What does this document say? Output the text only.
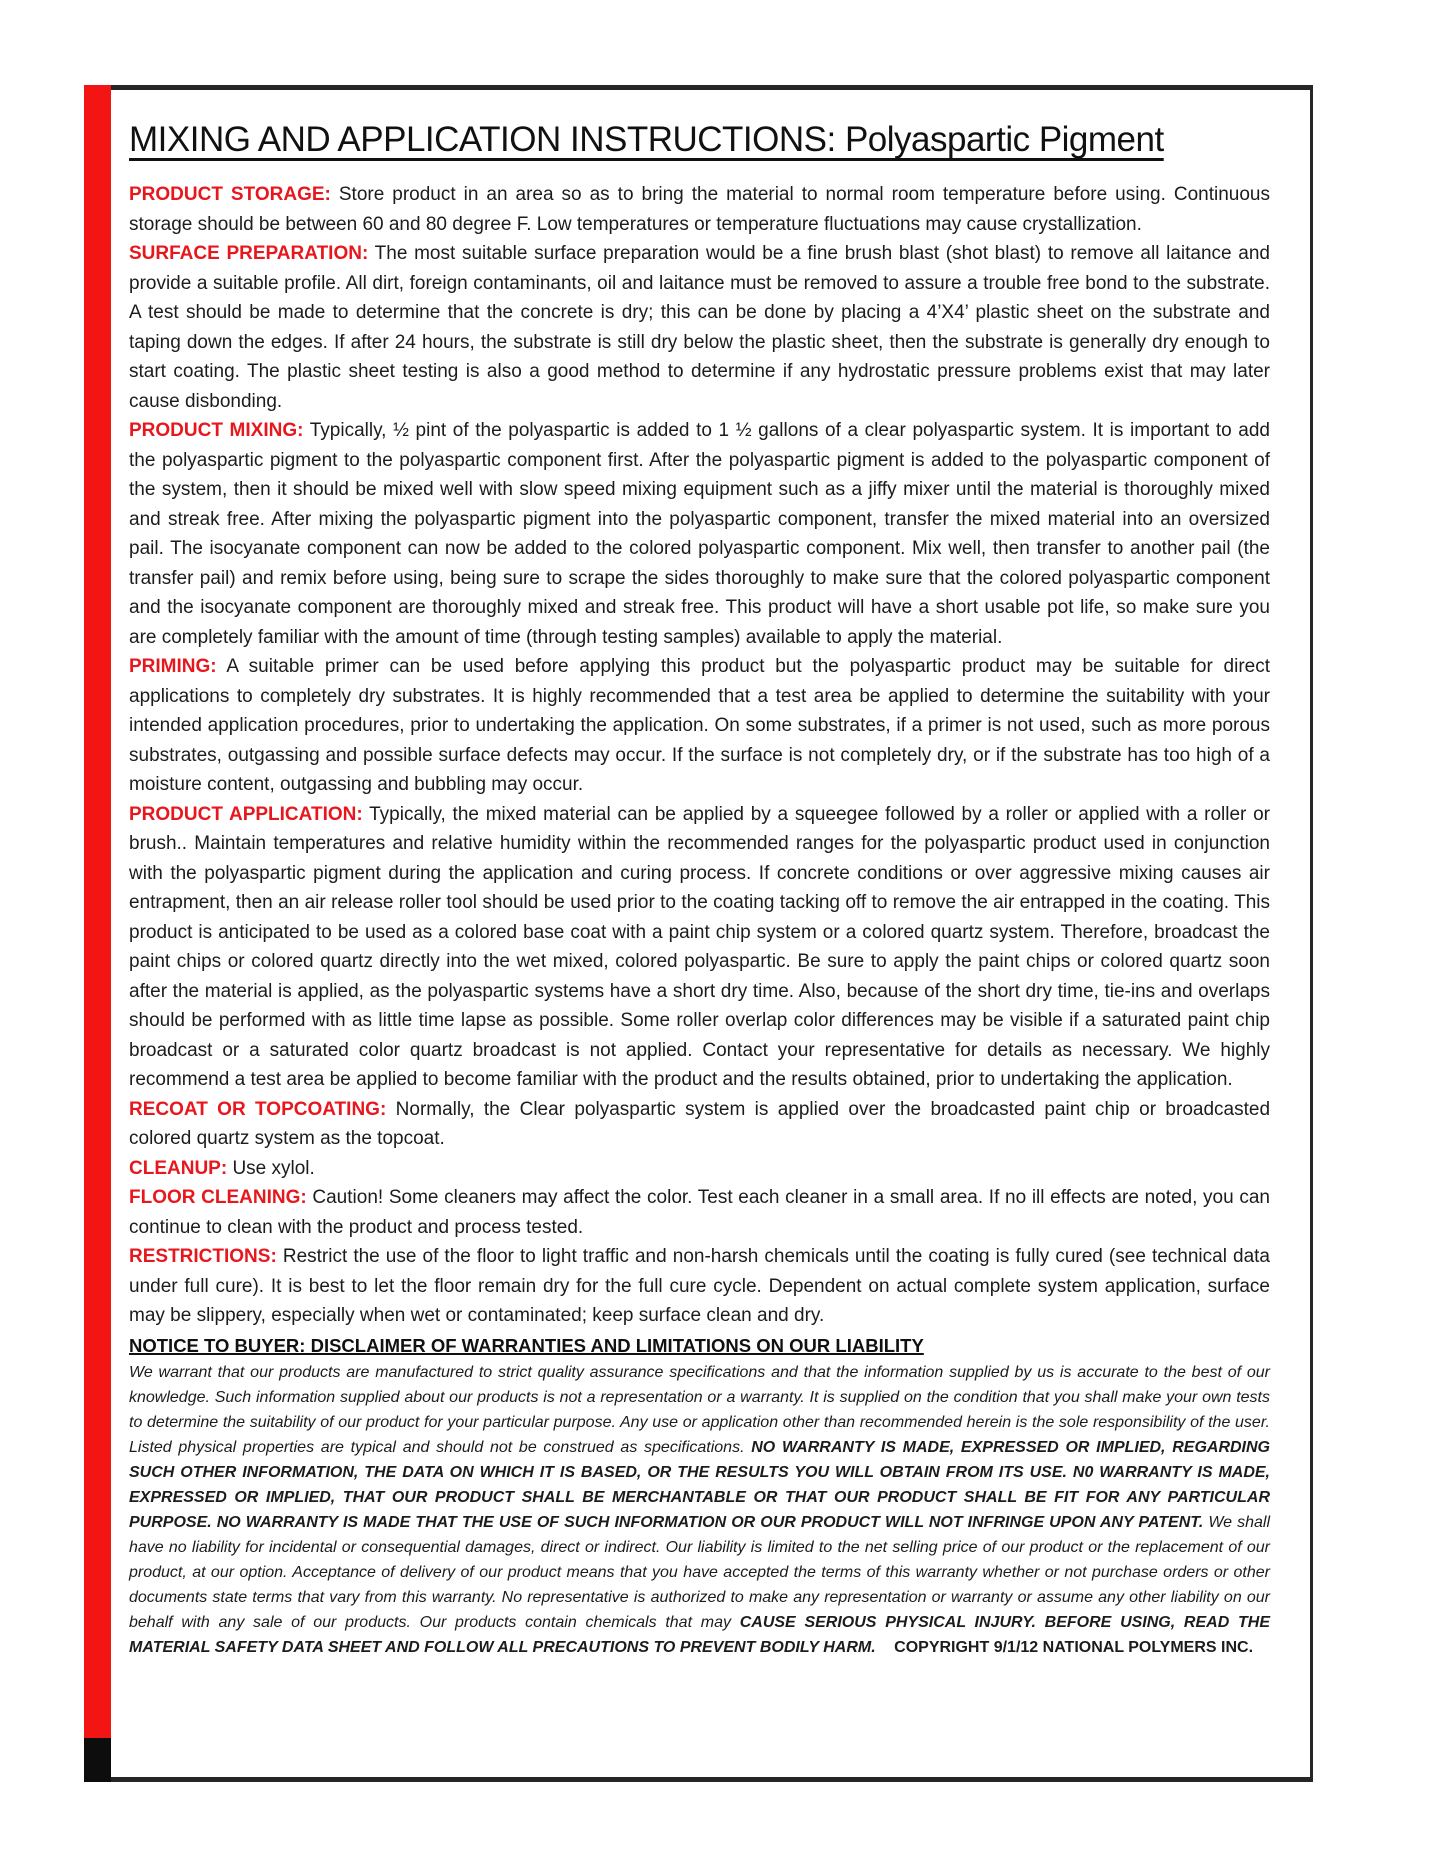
MIXING AND APPLICATION INSTRUCTIONS: Polyaspartic Pigment

PRODUCT STORAGE: Store product in an area so as to bring the material to normal room temperature before using. Continuous storage should be between 60 and 80 degree F. Low temperatures or temperature fluctuations may cause crystallization.

SURFACE PREPARATION: The most suitable surface preparation would be a fine brush blast (shot blast) to remove all laitance and provide a suitable profile. All dirt, foreign contaminants, oil and laitance must be removed to assure a trouble free bond to the substrate. A test should be made to determine that the concrete is dry; this can be done by placing a 4’X4’ plastic sheet on the substrate and taping down the edges. If after 24 hours, the substrate is still dry below the plastic sheet, then the substrate is generally dry enough to start coating. The plastic sheet testing is also a good method to determine if any hydrostatic pressure problems exist that may later cause disbonding.

PRODUCT MIXING: Typically, ½ pint of the polyaspartic is added to 1 ½ gallons of a clear polyaspartic system. It is important to add the polyaspartic pigment to the polyaspartic component first. After the polyaspartic pigment is added to the polyaspartic component of the system, then it should be mixed well with slow speed mixing equipment such as a jiffy mixer until the material is thoroughly mixed and streak free. After mixing the polyaspartic pigment into the polyaspartic component, transfer the mixed material into an oversized pail. The isocyanate component can now be added to the colored polyaspartic component. Mix well, then transfer to another pail (the transfer pail) and remix before using, being sure to scrape the sides thoroughly to make sure that the colored polyaspartic component and the isocyanate component are thoroughly mixed and streak free. This product will have a short usable pot life, so make sure you are completely familiar with the amount of time (through testing samples) available to apply the material.

PRIMING: A suitable primer can be used before applying this product but the polyaspartic product may be suitable for direct applications to completely dry substrates. It is highly recommended that a test area be applied to determine the suitability with your intended application procedures, prior to undertaking the application. On some substrates, if a primer is not used, such as more porous substrates, outgassing and possible surface defects may occur. If the surface is not completely dry, or if the substrate has too high of a moisture content, outgassing and bubbling may occur.

PRODUCT APPLICATION: Typically, the mixed material can be applied by a squeegee followed by a roller or applied with a roller or brush.. Maintain temperatures and relative humidity within the recommended ranges for the polyaspartic product used in conjunction with the polyaspartic pigment during the application and curing process. If concrete conditions or over aggressive mixing causes air entrapment, then an air release roller tool should be used prior to the coating tacking off to remove the air entrapped in the coating. This product is anticipated to be used as a colored base coat with a paint chip system or a colored quartz system. Therefore, broadcast the paint chips or colored quartz directly into the wet mixed, colored polyaspartic. Be sure to apply the paint chips or colored quartz soon after the material is applied, as the polyaspartic systems have a short dry time. Also, because of the short dry time, tie-ins and overlaps should be performed with as little time lapse as possible. Some roller overlap color differences may be visible if a saturated paint chip broadcast or a saturated color quartz broadcast is not applied. Contact your representative for details as necessary. We highly recommend a test area be applied to become familiar with the product and the results obtained, prior to undertaking the application.

RECOAT OR TOPCOATING: Normally, the Clear polyaspartic system is applied over the broadcasted paint chip or broadcasted colored quartz system as the topcoat.

CLEANUP: Use xylol.

FLOOR CLEANING: Caution! Some cleaners may affect the color. Test each cleaner in a small area. If no ill effects are noted, you can continue to clean with the product and process tested.

RESTRICTIONS: Restrict the use of the floor to light traffic and non-harsh chemicals until the coating is fully cured (see technical data under full cure). It is best to let the floor remain dry for the full cure cycle. Dependent on actual complete system application, surface may be slippery, especially when wet or contaminated; keep surface clean and dry.

NOTICE TO BUYER: DISCLAIMER OF WARRANTIES AND LIMITATIONS ON OUR LIABILITY

We warrant that our products are manufactured to strict quality assurance specifications and that the information supplied by us is accurate to the best of our knowledge. Such information supplied about our products is not a representation or a warranty. It is supplied on the condition that you shall make your own tests to determine the suitability of our product for your particular purpose. Any use or application other than recommended herein is the sole responsibility of the user. Listed physical properties are typical and should not be construed as specifications. NO WARRANTY IS MADE, EXPRESSED OR IMPLIED, REGARDING SUCH OTHER INFORMATION, THE DATA ON WHICH IT IS BASED, OR THE RESULTS YOU WILL OBTAIN FROM ITS USE. N0 WARRANTY IS MADE, EXPRESSED OR IMPLIED, THAT OUR PRODUCT SHALL BE MERCHANTABLE OR THAT OUR PRODUCT SHALL BE FIT FOR ANY PARTICULAR PURPOSE. NO WARRANTY IS MADE THAT THE USE OF SUCH INFORMATION OR OUR PRODUCT WILL NOT INFRINGE UPON ANY PATENT. We shall have no liability for incidental or consequential damages, direct or indirect. Our liability is limited to the net selling price of our product or the replacement of our product, at our option. Acceptance of delivery of our product means that you have accepted the terms of this warranty whether or not purchase orders or other documents state terms that vary from this warranty. No representative is authorized to make any representation or warranty or assume any other liability on our behalf with any sale of our products. Our products contain chemicals that may CAUSE SERIOUS PHYSICAL INJURY. BEFORE USING, READ THE MATERIAL SAFETY DATA SHEET AND FOLLOW ALL PRECAUTIONS TO PREVENT BODILY HARM. COPYRIGHT 9/1/12 NATIONAL POLYMERS INC.
